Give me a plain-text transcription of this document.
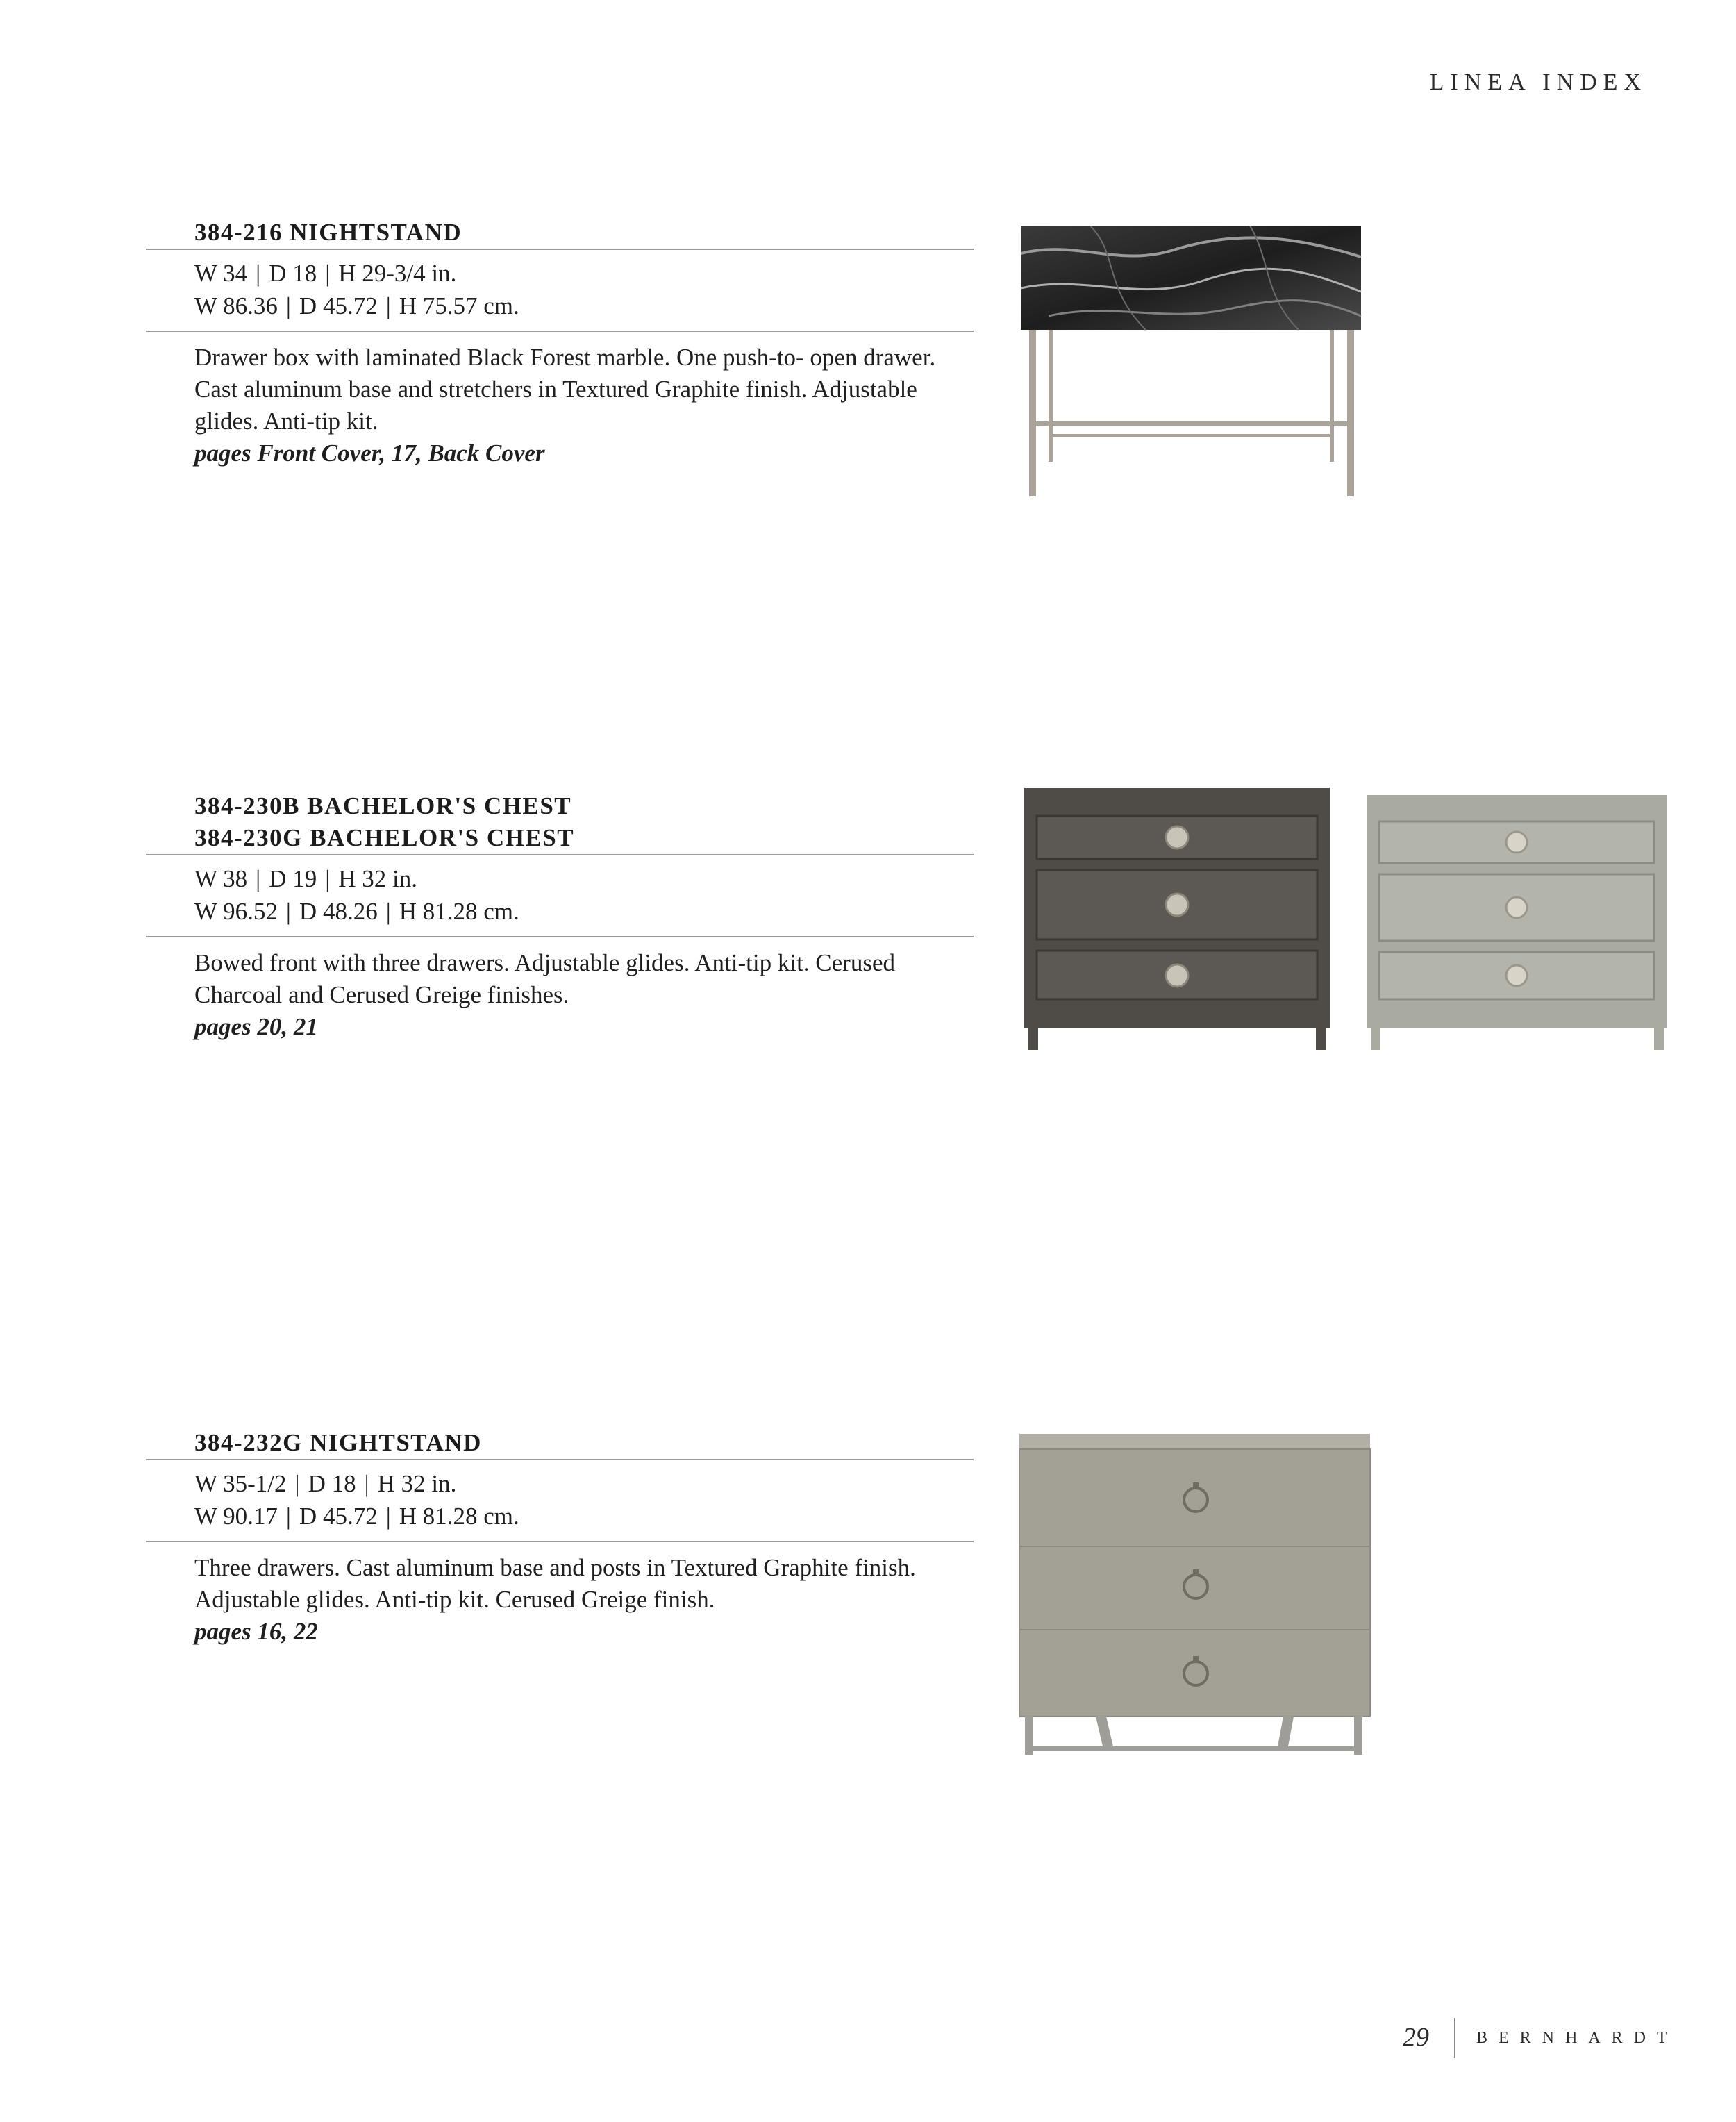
LINEA INDEX
384-216 NIGHTSTAND
W 34 | D 18 | H 29-3/4 in.
W 86.36 | D 45.72 | H 75.57 cm.
Drawer box with laminated Black Forest marble. One push-to- open drawer.
Cast aluminum base and stretchers in Textured Graphite finish. Adjustable
glides. Anti-tip kit.
pages Front Cover, 17, Back Cover
384-230B BACHELOR'S CHEST
384-230G BACHELOR'S CHEST
W 38 | D 19 | H 32 in.
W 96.52 | D 48.26 | H 81.28 cm.
Bowed front with three drawers. Adjustable glides. Anti-tip kit. Cerused
Charcoal and Cerused Greige finishes.
pages 20, 21
384-232G NIGHTSTAND
W 35-1/2 | D 18 | H 32 in.
W 90.17 | D 45.72 | H 81.28 cm.
Three drawers. Cast aluminum base and posts in Textured Graphite finish.
Adjustable glides. Anti-tip kit. Cerused Greige finish.
pages 16, 22
29	BERNHARDT
